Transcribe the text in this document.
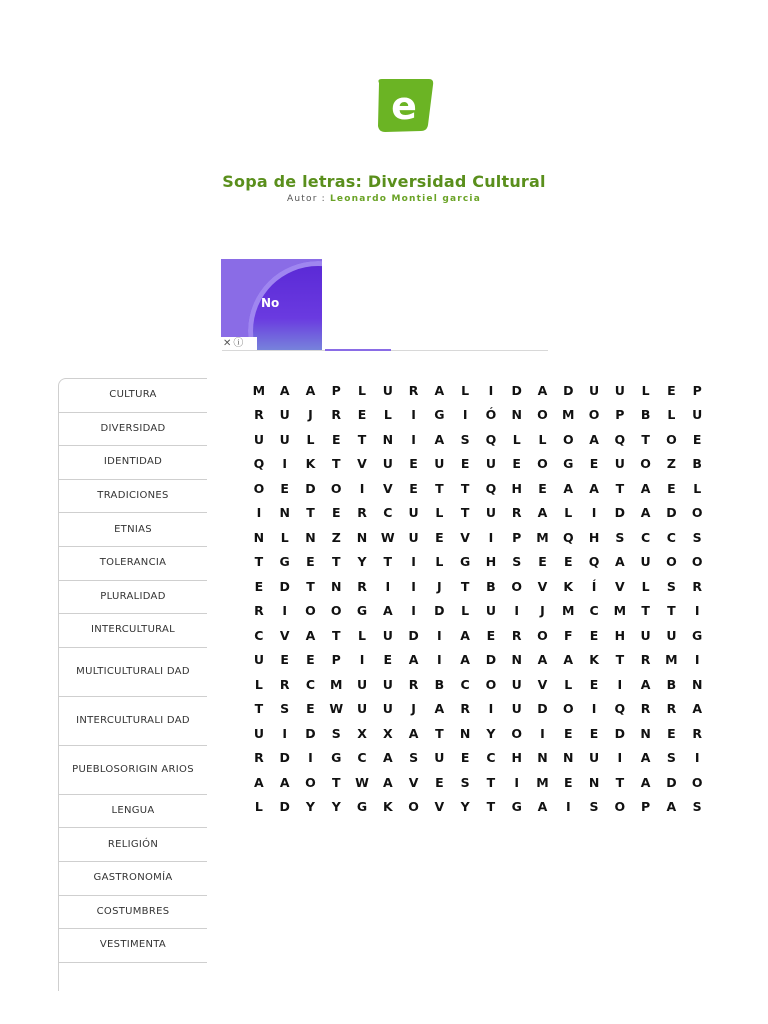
e
Sopa de letras: Diversidad Cultural
Autor : Leonardo Montiel garcia
No
✕ ⓘ
CULTURA
DIVERSIDAD
IDENTIDAD
TRADICIONES
ETNIAS
TOLERANCIA
PLURALIDAD
INTERCULTURAL
MULTICULTURALI DAD
INTERCULTURALI DAD
PUEBLOSORIGIN ARIOS
LENGUA
RELIGIÓN
GASTRONOMÍA
COSTUMBRES
VESTIMENTA
M	A	A	P	L	U	R	A	L	I	D	A	D	U	U	L	E	P
R	U	J	R	E	L	I	G	I	Ó	N	O	M	O	P	B	L	U
U	U	L	E	T	N	I	A	S	Q	L	L	O	A	Q	T	O	E
Q	I	K	T	V	U	E	U	E	U	E	O	G	E	U	O	Z	B
O	E	D	O	I	V	E	T	T	Q	H	E	A	A	T	A	E	L
I	N	T	E	R	C	U	L	T	U	R	A	L	I	D	A	D	O
N	L	N	Z	N	W	U	E	V	I	P	M	Q	H	S	C	C	S
T	G	E	T	Y	T	I	L	G	H	S	E	E	Q	A	U	O	O
E	D	T	N	R	I	I	J	T	B	O	V	K	Í	V	L	S	R
R	I	O	O	G	A	I	D	L	U	I	J	M	C	M	T	T	I
C	V	A	T	L	U	D	I	A	E	R	O	F	E	H	U	U	G
U	E	E	P	I	E	A	I	A	D	N	A	A	K	T	R	M	I
L	R	C	M	U	U	R	B	C	O	U	V	L	E	I	A	B	N
T	S	E	W	U	U	J	A	R	I	U	D	O	I	Q	R	R	A
U	I	D	S	X	X	A	T	N	Y	O	I	E	E	D	N	E	R
R	D	I	G	C	A	S	U	E	C	H	N	N	U	I	A	S	I
A	A	O	T	W	A	V	E	S	T	I	M	E	N	T	A	D	O
L	D	Y	Y	G	K	O	V	Y	T	G	A	I	S	O	P	A	S
